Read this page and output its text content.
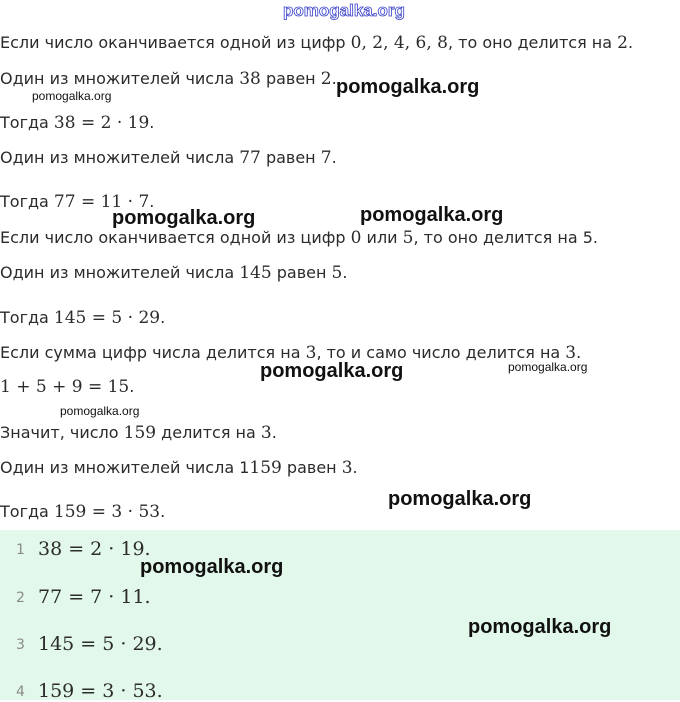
pomogalka.org
Если число оканчивается одной из цифр 0, 2, 4, 6, 8, то оно делится на 2.
Один из множителей числа 38 равен 2.
Тогда 38 = 2 · 19.
Один из множителей числа 77 равен 7.
Тогда 77 = 11 · 7.
Если число оканчивается одной из цифр 0 или 5, то оно делится на 5.
Один из множителей числа 145 равен 5.
Тогда 145 = 5 · 29.
Если сумма цифр числа делится на 3, то и само число делится на 3.
1 + 5 + 9 = 15.
Значит, число 159 делится на 3.
Один из множителей числа 1159 равен 3.
Тогда 159 = 3 · 53.
1 38 = 2 · 19.
2 77 = 7 · 11.
3 145 = 5 · 29.
4 159 = 3 · 53.
pomogalka.org
pomogalka.org
pomogalka.org	pomogalka.org
pomogalka.org	pomogalka.org
pomogalka.org
pomogalka.org
pomogalka.org
pomogalka.org
